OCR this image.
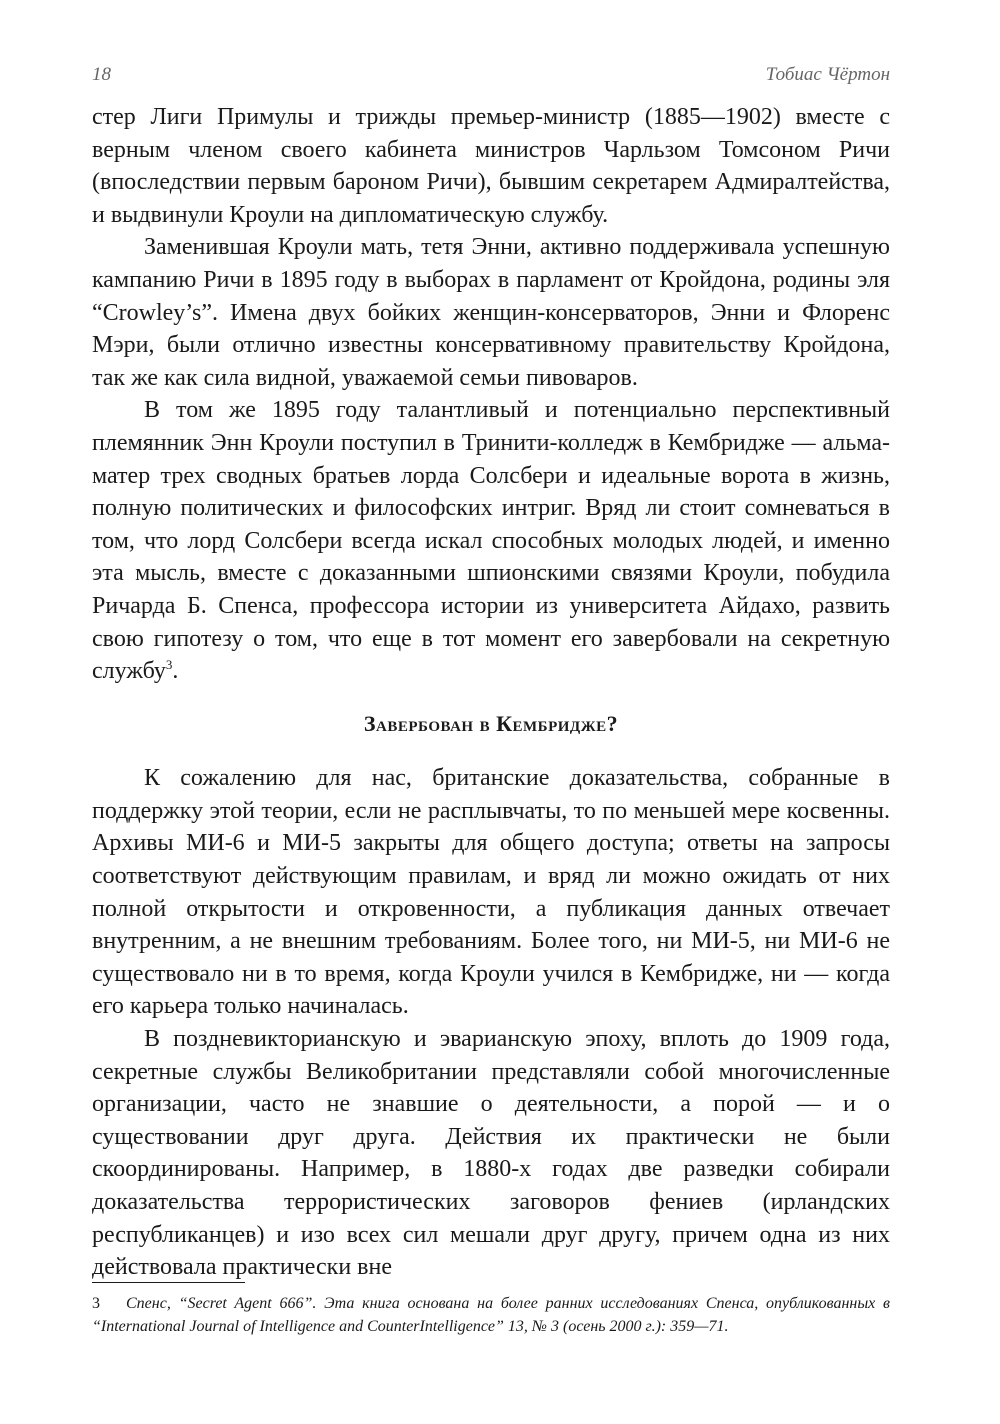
18	Тобиас Чёртон

стер Лиги Примулы и трижды премьер-министр (1885—1902) вместе с верным членом своего кабинета министров Чарльзом Томсоном Ричи (впоследствии первым бароном Ричи), бывшим секретарем Адмиралтейства, и выдвинули Кроули на дипломатическую службу.

Заменившая Кроули мать, тетя Энни, активно поддерживала успешную кампанию Ричи в 1895 году в выборах в парламент от Кройдона, родины эля “Crowley’s”. Имена двух бойких женщин-консерваторов, Энни и Флоренс Мэри, были отлично известны консервативному правительству Кройдона, так же как сила видной, уважаемой семьи пивоваров.

В том же 1895 году талантливый и потенциально перспективный племянник Энн Кроули поступил в Тринити-колледж в Кембридже — альма-матер трех сводных братьев лорда Солсбери и идеальные ворота в жизнь, полную политических и философских интриг. Вряд ли стоит сомневаться в том, что лорд Солсбери всегда искал способных молодых людей, и именно эта мысль, вместе с доказанными шпионскими связями Кроули, побудила Ричарда Б. Спенса, профессора истории из университета Айдахо, развить свою гипотезу о том, что еще в тот момент его завербовали на секретную службу$^3$.

Завербован в Кембридже?

К сожалению для нас, британские доказательства, собранные в поддержку этой теории, если не расплывчаты, то по меньшей мере косвенны. Архивы МИ-6 и МИ-5 закрыты для общего доступа; ответы на запросы соответствуют действующим правилам, и вряд ли можно ожидать от них полной открытости и откровенности, а публикация данных отвечает внутренним, а не внешним требованиям. Более того, ни МИ-5, ни МИ-6 не существовало ни в то время, когда Кроули учился в Кембридже, ни — когда его карьера только начиналась.

В поздневикторианскую и эварианскую эпоху, вплоть до 1909 года, секретные службы Великобритании представляли собой многочисленные организации, часто не знавшие о деятельности, а порой — и о существовании друг друга. Действия их практически не были скоординированы. Например, в 1880-х годах две разведки собирали доказательства террористических заговоров фениев (ирландских республиканцев) и изо всех сил мешали друг другу, причем одна из них действовала практически вне

3 Спенс, “Secret Agent 666”. Эта книга основана на более ранних исследованиях Спенса, опубликованных в “International Journal of Intelligence and CounterIntelligence” 13, № 3 (осень 2000 г.): 359—71.
